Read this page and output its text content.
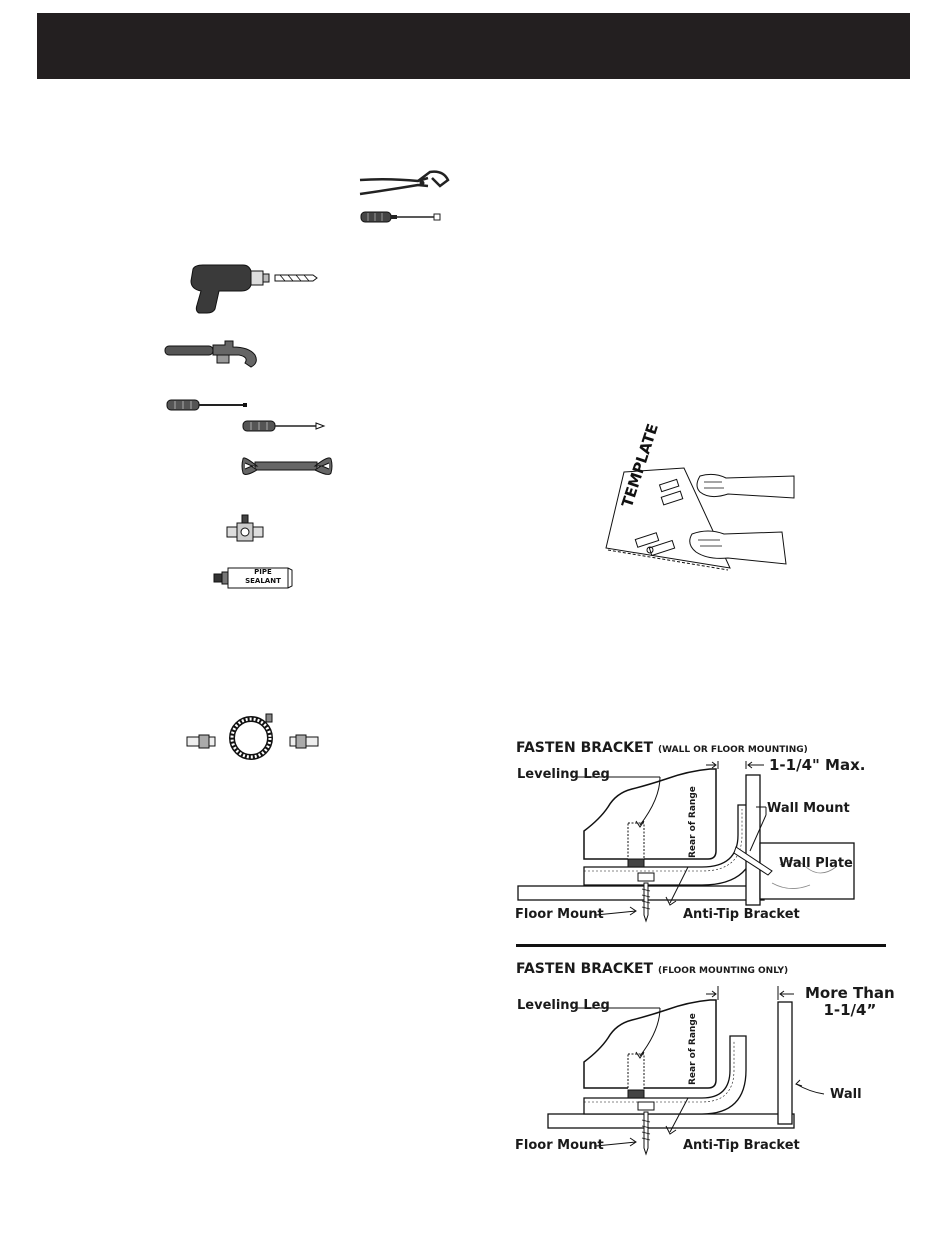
PIPE
SEALANT
TEMPLATE
FASTEN BRACKET (WALL OR FLOOR MOUNTING)
Leveling Leg
Rear of Range
1-1/4" Max.
Wall Mount
Wall Plate
Floor Mount	Anti-Tip Bracket
FASTEN BRACKET (FLOOR MOUNTING ONLY)
Leveling Leg
Rear of Range
More Than
1-1/4”
Wall
Floor Mount	Anti-Tip Bracket
